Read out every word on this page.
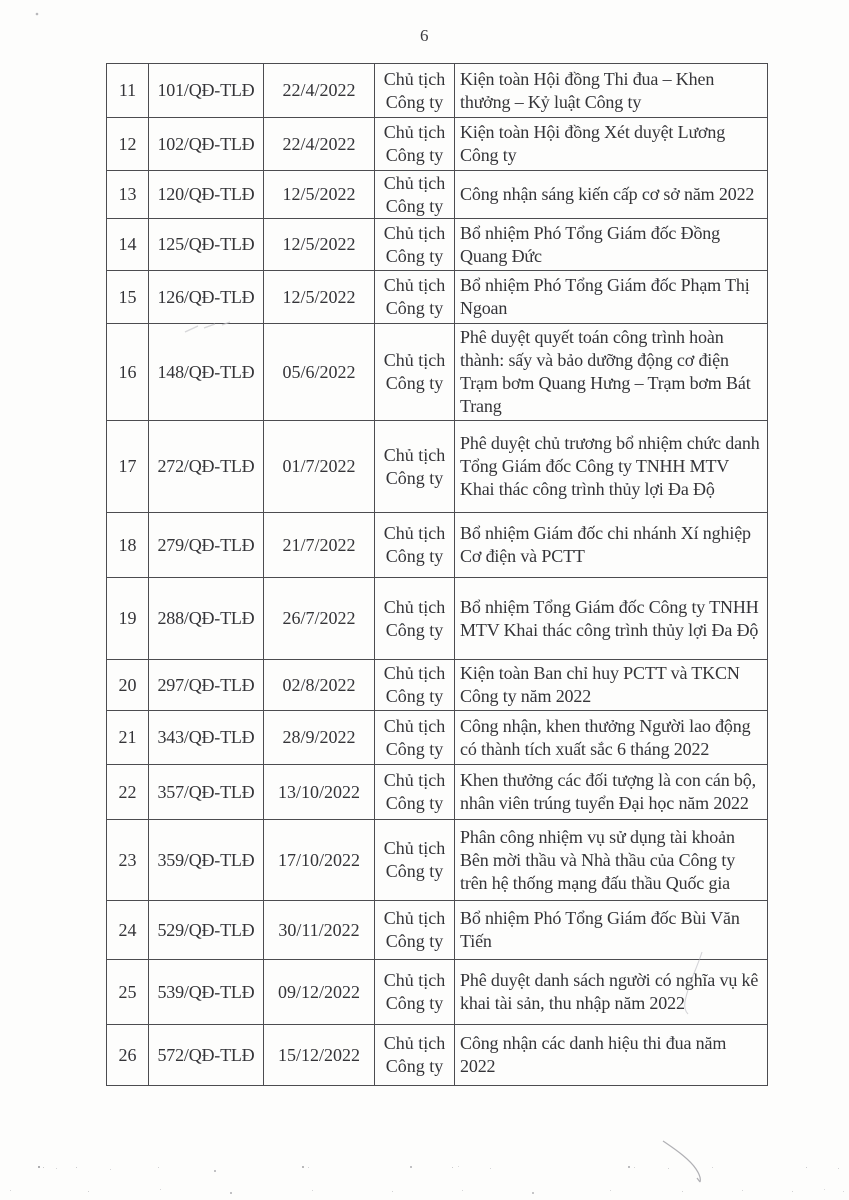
6
11	101/QĐ-TLĐ	22/4/2022	Chủ tịch Công ty	Kiện toàn Hội đồng Thi đua – Khen thưởng – Kỷ luật Công ty
12	102/QĐ-TLĐ	22/4/2022	Chủ tịch Công ty	Kiện toàn Hội đồng Xét duyệt Lương Công ty
13	120/QĐ-TLĐ	12/5/2022	Chủ tịch Công ty	Công nhận sáng kiến cấp cơ sở năm 2022
14	125/QĐ-TLĐ	12/5/2022	Chủ tịch Công ty	Bổ nhiệm Phó Tổng Giám đốc Đồng Quang Đức
15	126/QĐ-TLĐ	12/5/2022	Chủ tịch Công ty	Bổ nhiệm Phó Tổng Giám đốc Phạm Thị Ngoan
16	148/QĐ-TLĐ	05/6/2022	Chủ tịch Công ty	Phê duyệt quyết toán công trình hoàn thành: sấy và bảo dưỡng động cơ điện Trạm bơm Quang Hưng – Trạm bơm Bát Trang
17	272/QĐ-TLĐ	01/7/2022	Chủ tịch Công ty	Phê duyệt chủ trương bổ nhiệm chức danh Tổng Giám đốc Công ty TNHH MTV Khai thác công trình thủy lợi Đa Độ
18	279/QĐ-TLĐ	21/7/2022	Chủ tịch Công ty	Bổ nhiệm Giám đốc chi nhánh Xí nghiệp Cơ điện và PCTT
19	288/QĐ-TLĐ	26/7/2022	Chủ tịch Công ty	Bổ nhiệm Tổng Giám đốc Công ty TNHH MTV Khai thác công trình thủy lợi Đa Độ
20	297/QĐ-TLĐ	02/8/2022	Chủ tịch Công ty	Kiện toàn Ban chỉ huy PCTT và TKCN Công ty năm 2022
21	343/QĐ-TLĐ	28/9/2022	Chủ tịch Công ty	Công nhận, khen thưởng Người lao động có thành tích xuất sắc 6 tháng 2022
22	357/QĐ-TLĐ	13/10/2022	Chủ tịch Công ty	Khen thưởng các đối tượng là con cán bộ, nhân viên trúng tuyển Đại học năm 2022
23	359/QĐ-TLĐ	17/10/2022	Chủ tịch Công ty	Phân công nhiệm vụ sử dụng tài khoản Bên mời thầu và Nhà thầu của Công ty trên hệ thống mạng đấu thầu Quốc gia
24	529/QĐ-TLĐ	30/11/2022	Chủ tịch Công ty	Bổ nhiệm Phó Tổng Giám đốc Bùi Văn Tiến
25	539/QĐ-TLĐ	09/12/2022	Chủ tịch Công ty	Phê duyệt danh sách người có nghĩa vụ kê khai tài sản, thu nhập năm 2022
26	572/QĐ-TLĐ	15/12/2022	Chủ tịch Công ty	Công nhận các danh hiệu thi đua năm 2022
